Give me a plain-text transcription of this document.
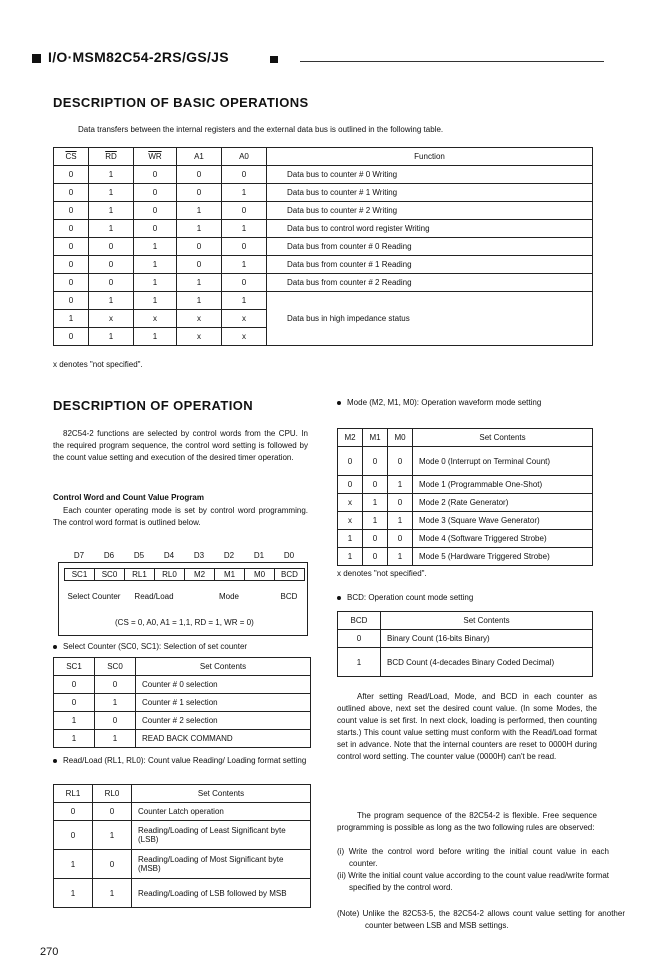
I/O·MSM82C54-2RS/GS/JS
DESCRIPTION OF BASIC OPERATIONS
Data transfers between the internal registers and the external data bus is outlined in the following table.
$\overline{CS}$	$\overline{RD}$	$\overline{WR}$	A1	A0	Function
0	1	0	0	0	Data bus to counter # 0 Writing
0	1	0	0	1	Data bus to counter # 1 Writing
0	1	0	1	0	Data bus to counter # 2 Writing
0	1	0	1	1	Data bus to control word register Writing
0	0	1	0	0	Data bus from counter # 0 Reading
0	0	1	0	1	Data bus from counter # 1 Reading
0	0	1	1	0	Data bus from counter # 2 Reading
0	1	1	1	1	Data bus in high impedance status
1	x	x	x	x	
0	1	1	x	x	
x denotes "not specified".
DESCRIPTION OF OPERATION
82C54-2 functions are selected by control words from the CPU. In the required program sequence, the control word setting is followed by the count value setting and execution of the desired timer operation.
Control Word and Count Value Program
Each counter operating mode is set by control word programming. The control word format is outlined below.
D7	D6	D5	D4	D3	D2	D1	D0
SC1	SC0	RL1	RL0	M2	M1	M0	BCD
Select Counter	Read/Load	Mode	BCD
(CS = 0, A0, A1 = 1,1, RD = 1, WR = 0)
Select Counter (SC0, SC1): Selection of set counter
SC1	SC0	Set Contents
0	0	Counter # 0 selection
0	1	Counter # 1 selection
1	0	Counter # 2 selection
1	1	READ BACK COMMAND
Read/Load (RL1, RL0): Count value Reading/ Loading format setting
RL1	RL0	Set Contents
0	0	Counter Latch operation
0	1	Reading/Loading of Least Significant byte (LSB)
1	0	Reading/Loading of Most Significant byte (MSB)
1	1	Reading/Loading of LSB followed by MSB
Mode (M2, M1, M0): Operation waveform mode setting
M2	M1	M0	Set Contents
0	0	0	Mode 0 (Interrupt on Terminal Count)
0	0	1	Mode 1 (Programmable One-Shot)
x	1	0	Mode 2 (Rate Generator)
x	1	1	Mode 3 (Square Wave Generator)
1	0	0	Mode 4 (Software Triggered Strobe)
1	0	1	Mode 5 (Hardware Triggered Strobe)
x denotes "not specified".
BCD: Operation count mode setting
BCD	Set Contents
0	Binary Count (16-bits Binary)
1	BCD Count (4-decades Binary Coded Decimal)
After setting Read/Load, Mode, and BCD in each counter as outlined above, next set the desired count value. (In some Modes, the count value is set first. In next clock, loading is performed, then counting starts.) This count value setting must conform with the Read/Load format set in advance. Note that the internal counters are reset to 0000H during control word setting. The counter value (0000H) can't be read.
The program sequence of the 82C54-2 is flexible. Free sequence programming is possible as long as the two following rules are observed:
(i) Write the control word before writing the initial count value in each counter.
(ii) Write the initial count value according to the count value read/write format specified by the control word.
(Note) Unlike the 82C53-5, the 82C54-2 allows count value setting for another counter between LSB and MSB settings.
270
